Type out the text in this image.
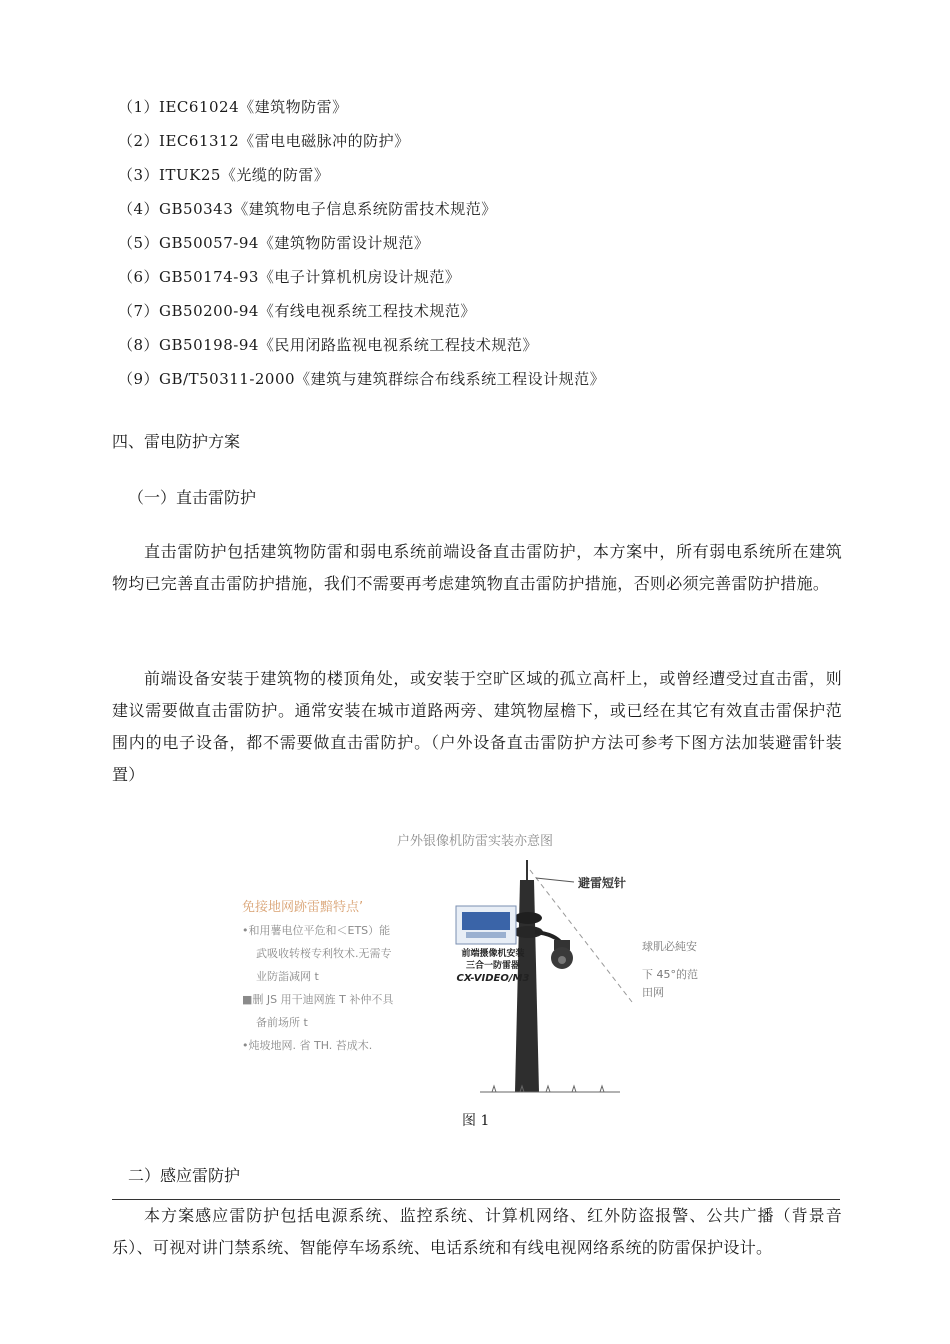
（1）IEC61024《建筑物防雷》
（2）IEC61312《雷电电磁脉冲的防护》
（3）ITUK25《光缆的防雷》
（4）GB50343《建筑物电子信息系统防雷技术规范》
（5）GB50057-94《建筑物防雷设计规范》
（6）GB50174-93《电子计算机机房设计规范》
（7）GB50200-94《有线电视系统工程技术规范》
（8）GB50198-94《民用闭路监视电视系统工程技术规范》
（9）GB/T50311-2000《建筑与建筑群综合布线系统工程设计规范》
四、雷电防护方案
（一）直击雷防护

直击雷防护包括建筑物防雷和弱电系统前端设备直击雷防护，本方案中，所有弱电系统所在建筑物均已完善直击雷防护措施，我们不需要再考虑建筑物直击雷防护措施，否则必须完善雷防护措施。

前端设备安装于建筑物的楼顶角处，或安装于空旷区域的孤立高杆上，或曾经遭受过直击雷，则建议需要做直击雷防护。通常安装在城市道路两旁、建筑物屋檐下，或已经在其它有效直击雷保护范围内的电子设备，都不需要做直击雷防护。（户外设备直击雷防护方法可参考下图方法加装避雷针装置）

户外银像机防雷实装亦意图
免接地网跡雷黯特点’
•和用薯电位平危和＜ETS）能
武吸收转桜专利牧术.无需专
业防詣减网 t
■删 JS 用干迪网旌 T 补仲不具
备前场所 t
•炖坡地网. 省 TH. 苔成木.
避雷短针
前端摄像机安装
三合一防雷器
CX-VIDEO/M3
球肌必純安
下 45°的范
田网
图 1
二）感应雷防护

本方案感应雷防护包括电源系统、监控系统、计算机网络、红外防盗报警、公共广播（背景音乐）、可视对讲门禁系统、智能停车场系统、电话系统和有线电视网络系统的防雷保护设计。
